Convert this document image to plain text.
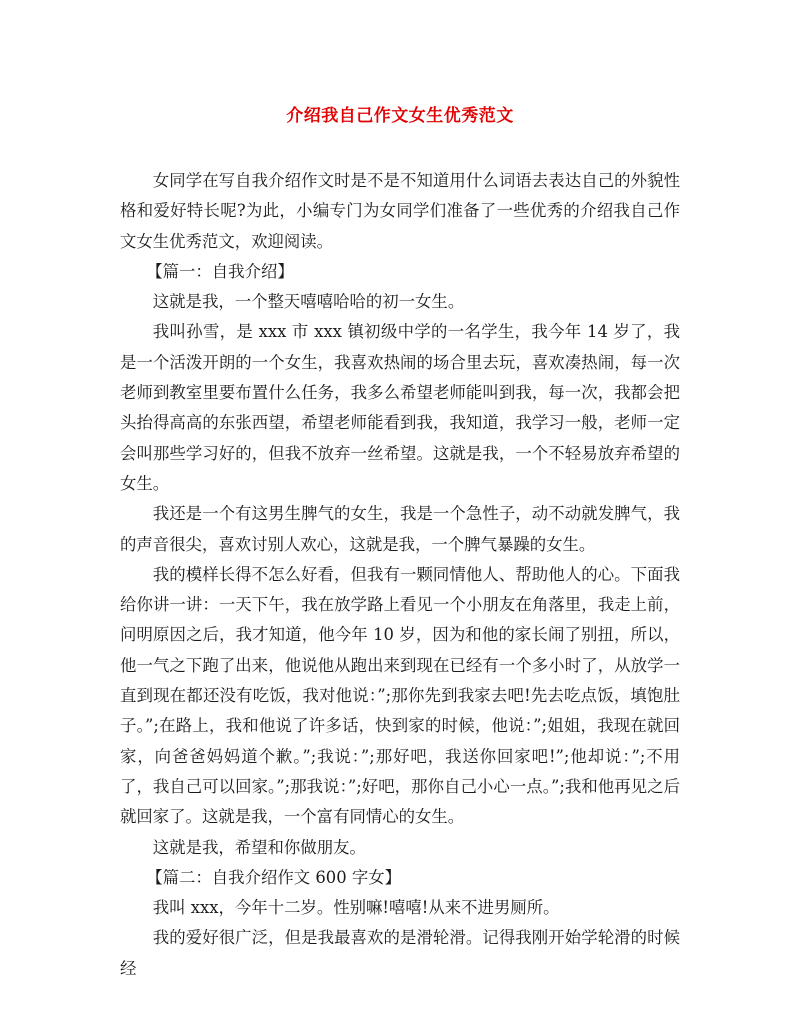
介绍我自己作文女生优秀范文

女同学在写自我介绍作文时是不是不知道用什么词语去表达自己的外貌性格和爱好特长呢?为此，小编专门为女同学们准备了一些优秀的介绍我自己作文女生优秀范文，欢迎阅读。

【篇一：自我介绍】

这就是我，一个整天嘻嘻哈哈的初一女生。

我叫孙雪，是 xxx 市 xxx 镇初级中学的一名学生，我今年 14 岁了，我是一个活泼开朗的一个女生，我喜欢热闹的场合里去玩，喜欢凑热闹，每一次老师到教室里要布置什么任务，我多么希望老师能叫到我，每一次，我都会把头抬得高高的东张西望，希望老师能看到我，我知道，我学习一般，老师一定会叫那些学习好的，但我不放弃一丝希望。这就是我，一个不轻易放弃希望的女生。

我还是一个有这男生脾气的女生，我是一个急性子，动不动就发脾气，我的声音很尖，喜欢讨别人欢心，这就是我，一个脾气暴躁的女生。

我的模样长得不怎么好看，但我有一颗同情他人、帮助他人的心。下面我给你讲一讲：一天下午，我在放学路上看见一个小朋友在角落里，我走上前，问明原因之后，我才知道，他今年 10 岁，因为和他的家长闹了别扭，所以，他一气之下跑了出来，他说他从跑出来到现在已经有一个多小时了，从放学一直到现在都还没有吃饭，我对他说：”;那你先到我家去吧!先去吃点饭，填饱肚子。”;在路上，我和他说了许多话，快到家的时候，他说：”;姐姐，我现在就回家，向爸爸妈妈道个歉。”;我说：”;那好吧，我送你回家吧!”;他却说：”;不用了，我自己可以回家。”;那我说：”;好吧，那你自己小心一点。”;我和他再见之后就回家了。这就是我，一个富有同情心的女生。

这就是我，希望和你做朋友。

【篇二：自我介绍作文 600 字女】

我叫 xxx，今年十二岁。性别嘛!嘻嘻!从来不进男厕所。

我的爱好很广泛，但是我最喜欢的是滑轮滑。记得我刚开始学轮滑的时候经
